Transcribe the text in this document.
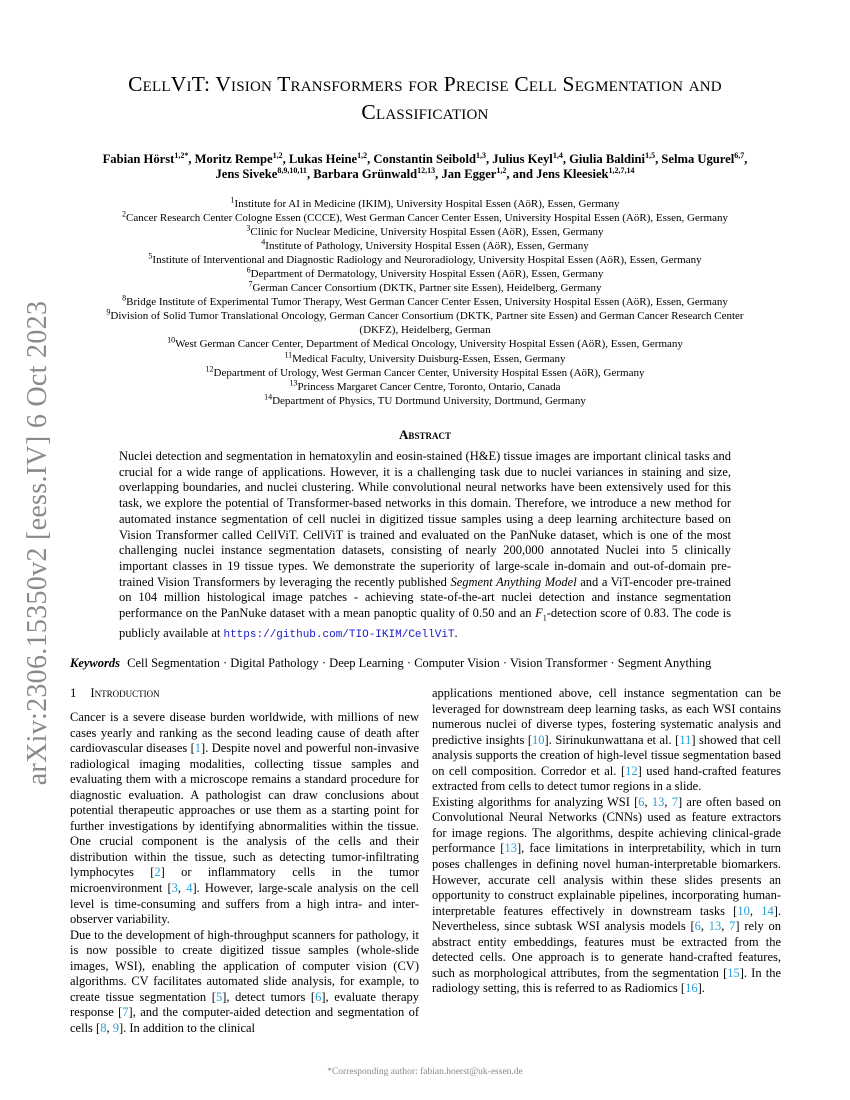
arXiv:2306.15350v2 [eess.IV] 6 Oct 2023
CellViT: Vision Transformers for Precise Cell Segmentation and
Classification
Fabian Hörst$^{1,2*}$, Moritz Rempe$^{1,2}$, Lukas Heine$^{1,2}$, Constantin Seibold$^{1,3}$, Julius Keyl$^{1,4}$, Giulia Baldini$^{1,5}$, Selma Ugurel$^{6,7}$,
Jens Siveke$^{8,9,10,11}$, Barbara Grünwald$^{12,13}$, Jan Egger$^{1,2}$, and Jens Kleesiek$^{1,2,7,14}$
$^1$Institute for AI in Medicine (IKIM), University Hospital Essen (AöR), Essen, Germany
$^2$Cancer Research Center Cologne Essen (CCCE), West German Cancer Center Essen, University Hospital Essen (AöR), Essen, Germany
$^3$Clinic for Nuclear Medicine, University Hospital Essen (AöR), Essen, Germany
$^4$Institute of Pathology, University Hospital Essen (AöR), Essen, Germany
$^5$Institute of Interventional and Diagnostic Radiology and Neuroradiology, University Hospital Essen (AöR), Essen, Germany
$^6$Department of Dermatology, University Hospital Essen (AöR), Essen, Germany
$^7$German Cancer Consortium (DKTK, Partner site Essen), Heidelberg, Germany
$^8$Bridge Institute of Experimental Tumor Therapy, West German Cancer Center Essen, University Hospital Essen (AöR), Essen, Germany
$^9$Division of Solid Tumor Translational Oncology, German Cancer Consortium (DKTK, Partner site Essen) and German Cancer Research Center
(DKFZ), Heidelberg, German
$^{10}$West German Cancer Center, Department of Medical Oncology, University Hospital Essen (AöR), Essen, Germany
$^{11}$Medical Faculty, University Duisburg-Essen, Essen, Germany
$^{12}$Department of Urology, West German Cancer Center, University Hospital Essen (AöR), Germany
$^{13}$Princess Margaret Cancer Centre, Toronto, Ontario, Canada
$^{14}$Department of Physics, TU Dortmund University, Dortmund, Germany
Abstract
Nuclei detection and segmentation in hematoxylin and eosin-stained (H&E) tissue images are important clinical tasks and crucial for a wide range of applications. However, it is a challenging task due to nuclei variances in staining and size, overlapping boundaries, and nuclei clustering. While convolutional neural networks have been extensively used for this task, we explore the potential of Transformer-based networks in this domain. Therefore, we introduce a new method for automated instance segmentation of cell nuclei in digitized tissue samples using a deep learning architecture based on Vision Transformer called CellViT. CellViT is trained and evaluated on the PanNuke dataset, which is one of the most challenging nuclei instance segmentation datasets, consisting of nearly 200,000 annotated Nuclei into 5 clinically important classes in 19 tissue types. We demonstrate the superiority of large-scale in-domain and out-of-domain pre-trained Vision Transformers by leveraging the recently published Segment Anything Model and a ViT-encoder pre-trained on 104 million histological image patches - achieving state-of-the-art nuclei detection and instance segmentation performance on the PanNuke dataset with a mean panoptic quality of 0.50 and an $F_1$-detection score of 0.83. The code is publicly available at https://github.com/TIO-IKIM/CellViT.
Keywords Cell Segmentation · Digital Pathology · Deep Learning · Computer Vision · Vision Transformer · Segment Anything
1 Introduction

Cancer is a severe disease burden worldwide, with millions of new cases yearly and ranking as the second leading cause of death after cardiovascular diseases [1]. Despite novel and powerful non-invasive radiological imaging modalities, collecting tissue samples and evaluating them with a microscope remains a standard procedure for diagnostic evaluation. A pathologist can draw conclusions about potential therapeutic approaches or use them as a starting point for further investigations by identifying abnormalities within the tissue. One crucial component is the analysis of the cells and their distribution within the tissue, such as detecting tumor-infiltrating lymphocytes [2] or inflammatory cells in the tumor microenvironment [3, 4]. However, large-scale analysis on the cell level is time-consuming and suffers from a high intra- and inter-observer variability.

Due to the development of high-throughput scanners for pathology, it is now possible to create digitized tissue samples (whole-slide images, WSI), enabling the application of computer vision (CV) algorithms. CV facilitates automated slide analysis, for example, to create tissue segmentation [5], detect tumors [6], evaluate therapy response [7], and the computer-aided detection and segmentation of cells [8, 9]. In addition to the clinical

applications mentioned above, cell instance segmentation can be leveraged for downstream deep learning tasks, as each WSI contains numerous nuclei of diverse types, fostering systematic analysis and predictive insights [10]. Sirinukunwattana et al. [11] showed that cell analysis supports the creation of high-level tissue segmentation based on cell composition. Corredor et al. [12] used hand-crafted features extracted from cells to detect tumor regions in a slide.

Existing algorithms for analyzing WSI [6, 13, 7] are often based on Convolutional Neural Networks (CNNs) used as feature extractors for image regions. The algorithms, despite achieving clinical-grade performance [13], face limitations in interpretability, which in turn poses challenges in defining novel human-interpretable biomarkers. However, accurate cell analysis within these slides presents an opportunity to construct explainable pipelines, incorporating human-interpretable features effectively in downstream tasks [10, 14]. Nevertheless, since subtask WSI analysis models [6, 13, 7] rely on abstract entity embeddings, features must be extracted from the detected cells. One approach is to generate hand-crafted features, such as morphological attributes, from the segmentation [15]. In the radiology setting, this is referred to as Radiomics [16].

*Corresponding author: fabian.hoerst@uk-essen.de
